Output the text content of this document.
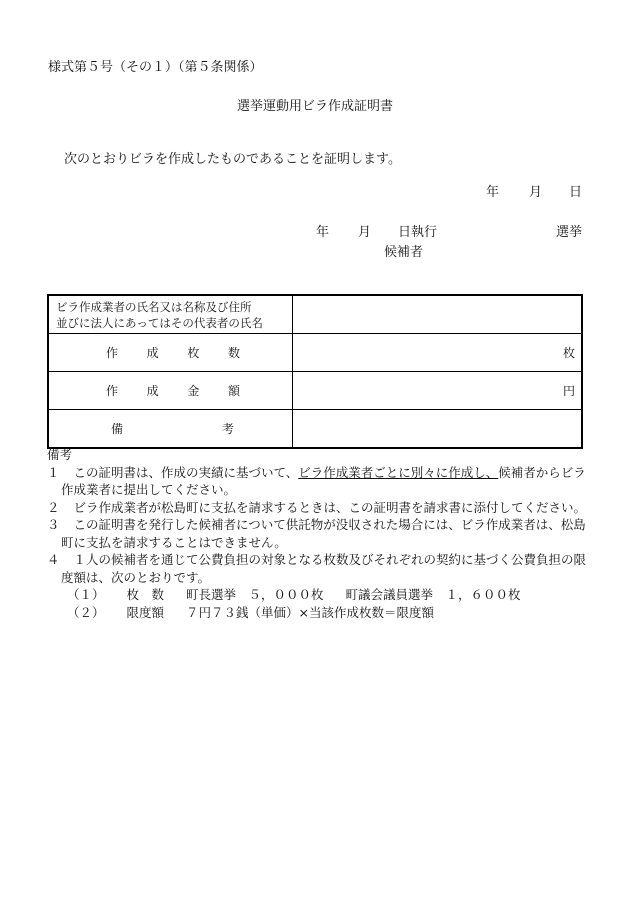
様式第５号（その１）（第５条関係）
選挙運動用ビラ作成証明書
次のとおりビラを作成したものであることを証明します。
年 月 日
年 月 日執行	選挙
候補者
ビラ作成業者の氏名又は名称及び住所
並びに法人にあってはその代表者の氏名	

作 成 枚 数	枚

作 成 金 額	円

備 考	

備考

１	この証明書は、作成の実績に基づいて、ビラ作成業者ごとに別々に作成し、候補者からビラ作成業者に提出してください。

２	ビラ作成業者が松島町に支払を請求するときは、この証明書を請求書に添付してください。

３	この証明書を発行した候補者について供託物が没収された場合には、ビラ作成業者は、松島町に支払を請求することはできません。

４	１人の候補者を通じて公費負担の対象となる枚数及びそれぞれの契約に基づく公費負担の限度額は、次のとおりです。

（１） 枚　数 町長選挙　５，０００枚 町議会議員選挙　１，６００枚

（２） 限度額 ７円７３銭（単価）×当該作成枚数＝限度額
